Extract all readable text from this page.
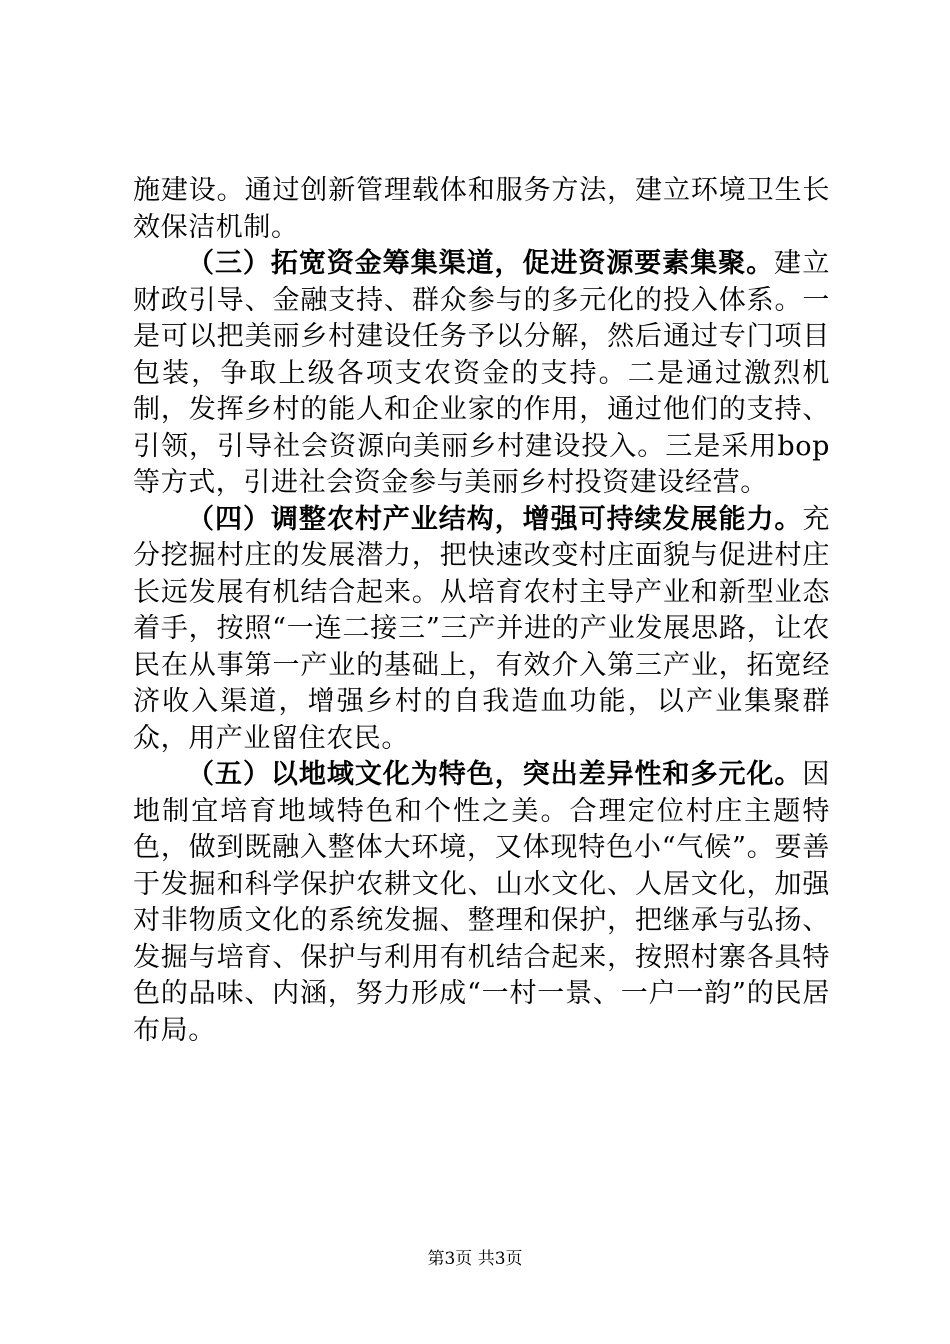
施建设。通过创新管理载体和服务方法，建立环境卫生长效保洁机制。

（三）拓宽资金筹集渠道，促进资源要素集聚。建立财政引导、金融支持、群众参与的多元化的投入体系。一是可以把美丽乡村建设任务予以分解，然后通过专门项目包装，争取上级各项支农资金的支持。二是通过激烈机制，发挥乡村的能人和企业家的作用，通过他们的支持、引领，引导社会资源向美丽乡村建设投入。三是采用bop等方式，引进社会资金参与美丽乡村投资建设经营。

（四）调整农村产业结构，增强可持续发展能力。充分挖掘村庄的发展潜力，把快速改变村庄面貌与促进村庄长远发展有机结合起来。从培育农村主导产业和新型业态着手，按照“一连二接三”三产并进的产业发展思路，让农民在从事第一产业的基础上，有效介入第三产业，拓宽经济收入渠道，增强乡村的自我造血功能，以产业集聚群众，用产业留住农民。

（五）以地域文化为特色，突出差异性和多元化。因地制宜培育地域特色和个性之美。合理定位村庄主题特色，做到既融入整体大环境，又体现特色小“气候”。要善于发掘和科学保护农耕文化、山水文化、人居文化，加强对非物质文化的系统发掘、整理和保护，把继承与弘扬、发掘与培育、保护与利用有机结合起来，按照村寨各具特色的品味、内涵，努力形成“一村一景、一户一韵”的民居布局。

第3页 共3页
